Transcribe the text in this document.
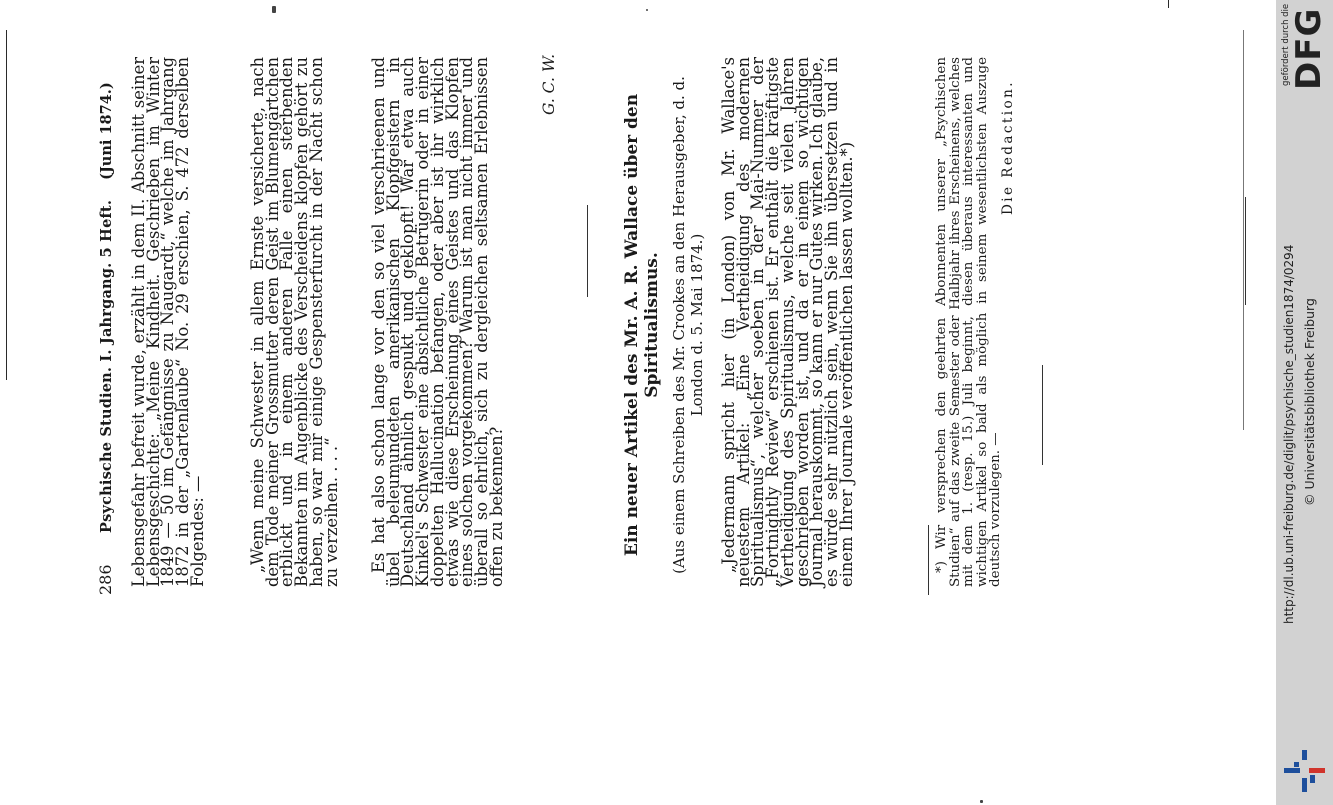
286
Psychische Studien. I. Jahrgang. 5 Heft.
(Juni 1874.) Lebensgefahr befreit wurde, erzählt in dem II. Abschnitt seiner Lebensgeschichte: „Meine Kindheit. Geschrieben im Winter 1849 — 50 im Gefängnisse zu Naugardt,“ welche im Jahrgang 1872 in der „Gartenlaube“ No. 29 erschien, S. 472 derselben Folgendes: —	„Wenn meine Schwester in allem Ernste versicherte, nach dem Tode meiner Grossmutter deren Geist im Blumengärtchen erblickt und in einem anderen Falle einen sterbenden Bekannten im Augenblicke des Verscheidens klopfen gehört zu haben, so war mir einige Gespensterfurcht in der Nacht schon zu verzeihen. . . .“ Es hat also schon lange vor den so viel verschrieenen und übel beleumundeten amerikanischen Klopfgeistern in Deutschland ähnlich gespukt und geklopft! War etwa auch Kinkel's Schwester eine absichtliche Betrügerin oder in einer doppelten Hallucination befangen, oder aber ist ihr wirklich etwas wie diese Erscheinung eines Geistes und das Klopfen eines solchen vorgekommen? Warum ist man nicht immer und überall so ehrlich, sich zu dergleichen seltsamen Erlebnissen offen zu bekennen?

G. C. W.

Ein neuer Artikel des Mr. A. R. Wallace über den Spiritualismus. (Aus einem Schreiben des Mr. Crookes an den Herausgeber, d. d. London d. 5. Mai 1874.) „Jedermann spricht hier (in London) von Mr. Wallace's neuestem Artikel: „Eine Vertheidigung des modernen Spiritualismus“, welcher soeben in der Mai-Nummer der „Fortnightly Review“ erschienen ist. Er enthält die kräftigste Vertheidigung des Spiritualismus, welche seit vielen Jahren geschrieben worden ist, und da er in einem so wichtigen Journal herauskommt, so kann er nur Gutes wirken. Ich glaube, es würde sehr nützlich sein, wenn Sie ihn übersetzen und in einem Ihrer Journale veröffentlichen lassen wollten.*)	*) Wir versprechen den geehrten Abonnenten unserer „Psychischen Studien“ auf das zweite Semester oder Halbjahr ihres Erscheinens, welches mit dem 1. (resp. 15.) Juli beginnt, diesen überaus interessanten und wichtigen Artikel so bald als möglich in seinem wesentlichsten Auszuge deutsch vorzulegen. —

Die Redaction.
gefördert durch die
DFG
http://dl.ub.uni-freiburg.de/diglit/psychische_studien1874/0294 © Universitätsbibliothek Freiburg
